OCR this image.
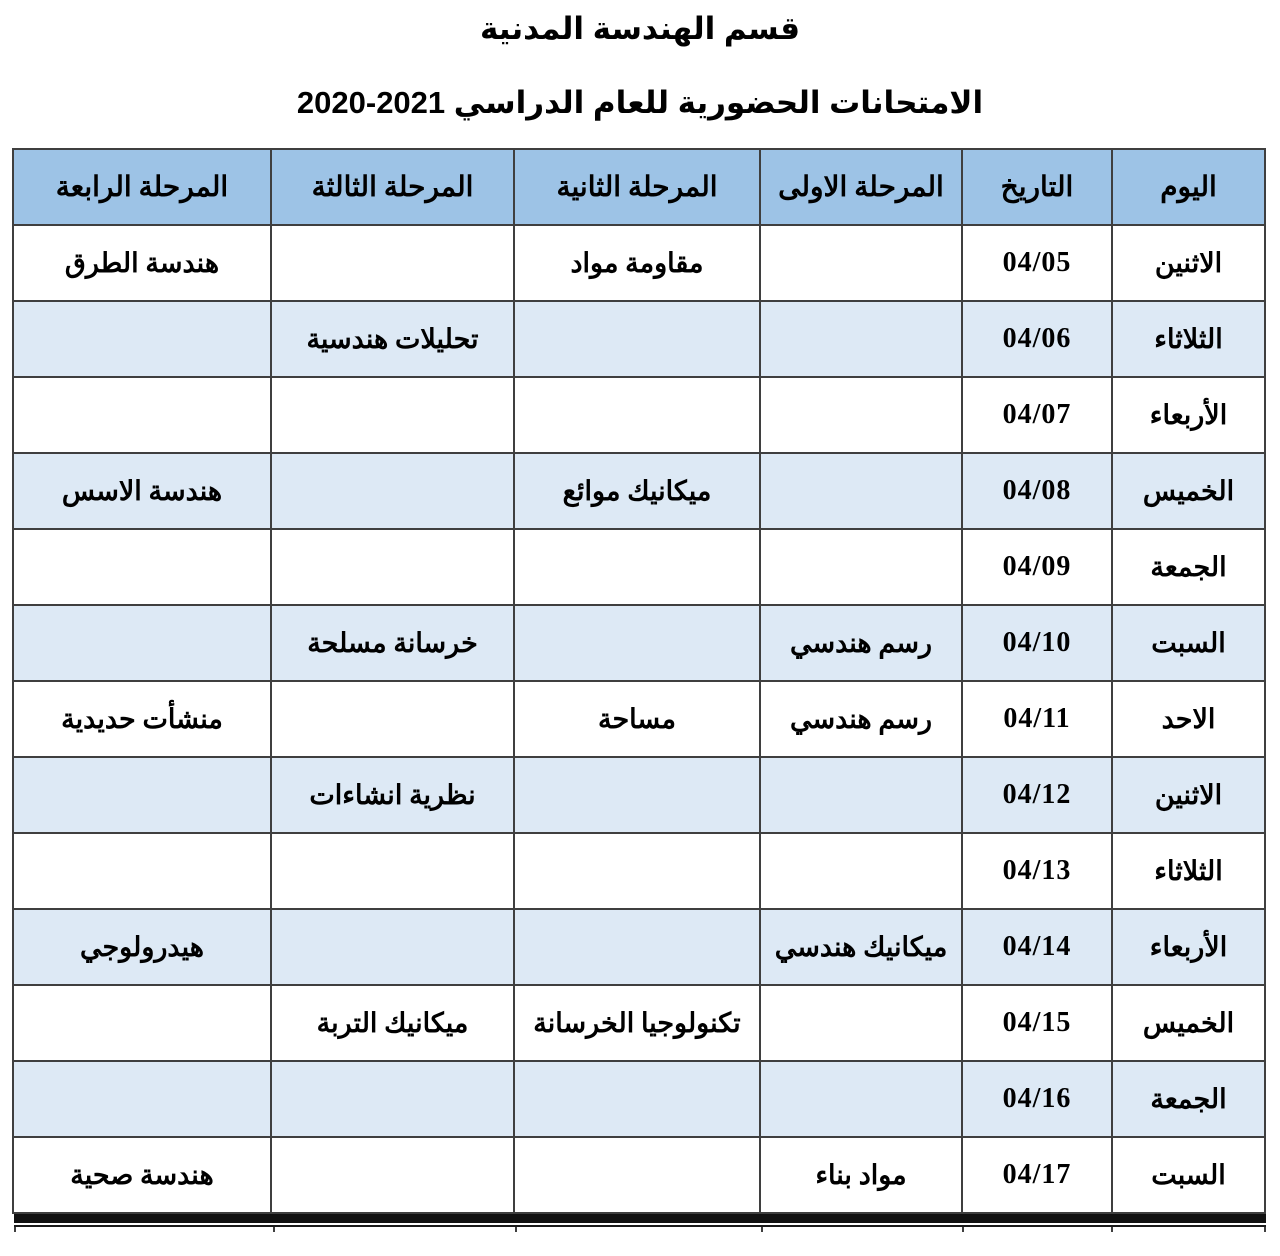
قسم الهندسة المدنية
الامتحانات الحضورية للعام الدراسي 2021-2020
اليوم	التاريخ	المرحلة الاولى	المرحلة الثانية	المرحلة الثالثة	المرحلة الرابعة
الاثنين	04/05		مقاومة مواد		هندسة الطرق
الثلاثاء	04/06			تحليلات هندسية	
الأربعاء	04/07				
الخميس	04/08		ميكانيك موائع		هندسة الاسس
الجمعة	04/09				
السبت	04/10	رسم هندسي		خرسانة مسلحة	
الاحد	04/11	رسم هندسي	مساحة		منشأت حديدية
الاثنين	04/12			نظرية انشاءات	
الثلاثاء	04/13				
الأربعاء	04/14	ميكانيك هندسي			هيدرولوجي
الخميس	04/15		تكنولوجيا الخرسانة	ميكانيك التربة	
الجمعة	04/16				
السبت	04/17	مواد بناء			هندسة صحية
